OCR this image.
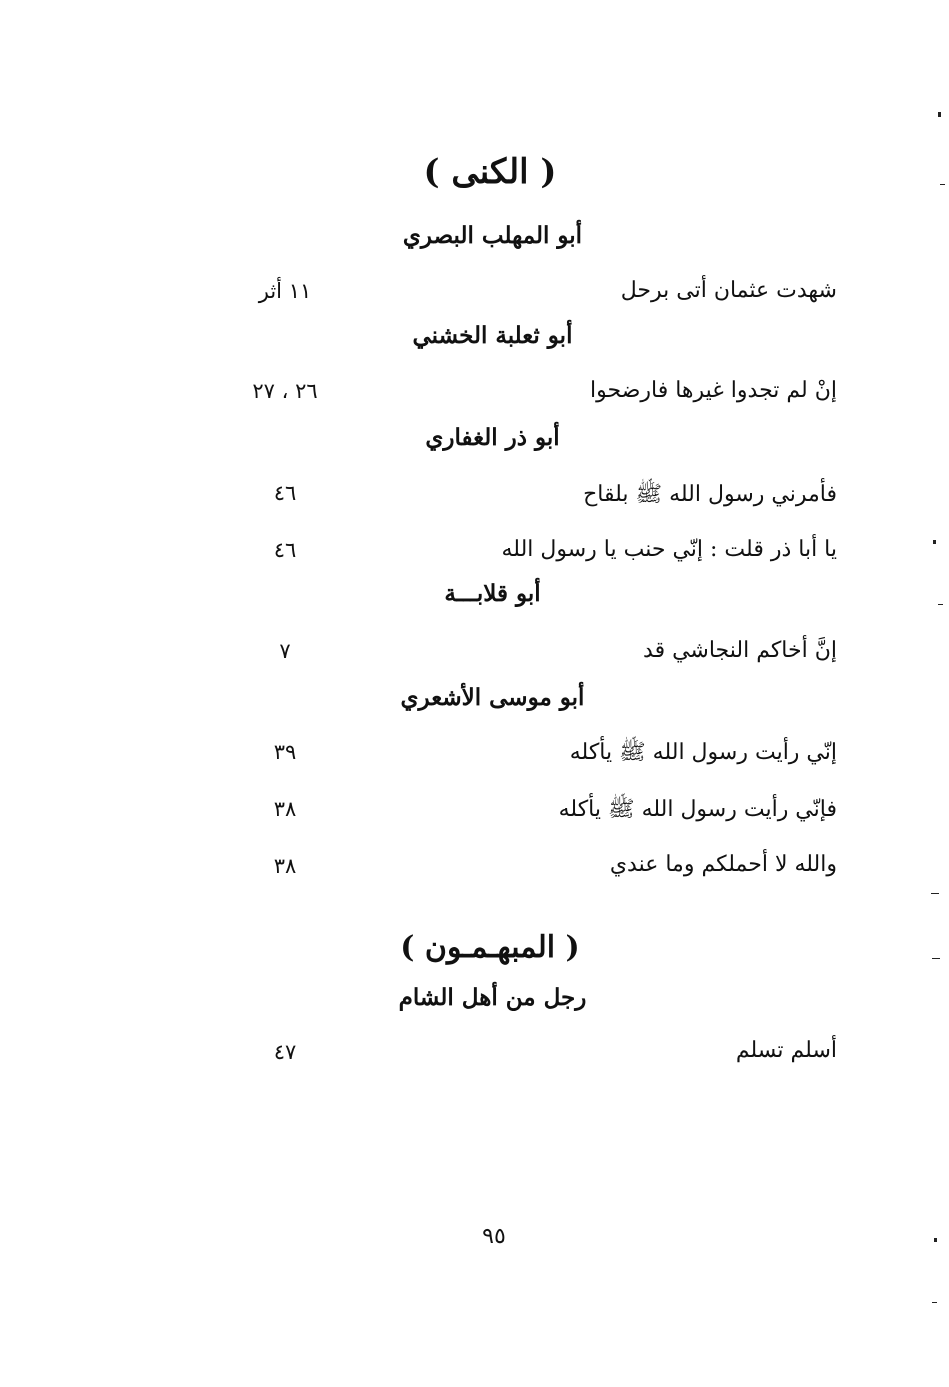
( الكنى )
أبو المهلب البصري
شهدت عثمان أتى برحل
١١ أثر
أبو ثعلبة الخشني
إنْ لم تجدوا غيرها فارضحوا
٢٦ ، ٢٧
أبو ذر الغفاري
فأمرني رسول الله ﷺ بلقاح
٤٦
يا أبا ذر قلت : إنّي حنب يا رسول الله
٤٦
أبو قلابـــة
إنَّ أخاكم النجاشي قد
٧
أبو موسى الأشعري
إنّي رأيت رسول الله ﷺ يأكله
٣٩
فإنّي رأيت رسول الله ﷺ يأكله
٣٨
والله لا أحملكم وما عندي
٣٨
( المبهـمـون )
رجل من أهل الشام
أسلم تسلم
٤٧
٩٥
